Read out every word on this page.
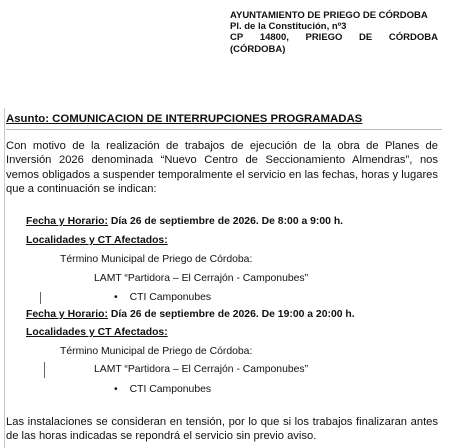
AYUNTAMIENTO DE PRIEGO DE CÓRDOBA
Pl. de la Constitución, nº3
CP 14800, PRIEGO DE CÓRDOBA
(CÓRDOBA)
Asunto: COMUNICACION DE INTERRUPCIONES PROGRAMADAS
Con motivo de la realización de trabajos de ejecución de la obra de Planes de Inversión 2026 denominada “Nuevo Centro de Seccionamiento Almendras”, nos vemos obligados a suspender temporalmente el servicio en las fechas, horas y lugares que a continuación se indican:
Fecha y Horario: Día 26 de septiembre de 2026. De 8:00 a 9:00 h.
Localidades y CT Afectados:
Término Municipal de Priego de Córdoba:
LAMT “Partidora – El Cerrajón - Camponubes”
• CTI Camponubes
Fecha y Horario: Día 26 de septiembre de 2026. De 19:00 a 20:00 h.
Localidades y CT Afectados:
Término Municipal de Priego de Córdoba:
LAMT “Partidora – El Cerrajón - Camponubes”
• CTI Camponubes
Las instalaciones se consideran en tensión, por lo que si los trabajos finalizaran antes de las horas indicadas se repondrá el servicio sin previo aviso.
